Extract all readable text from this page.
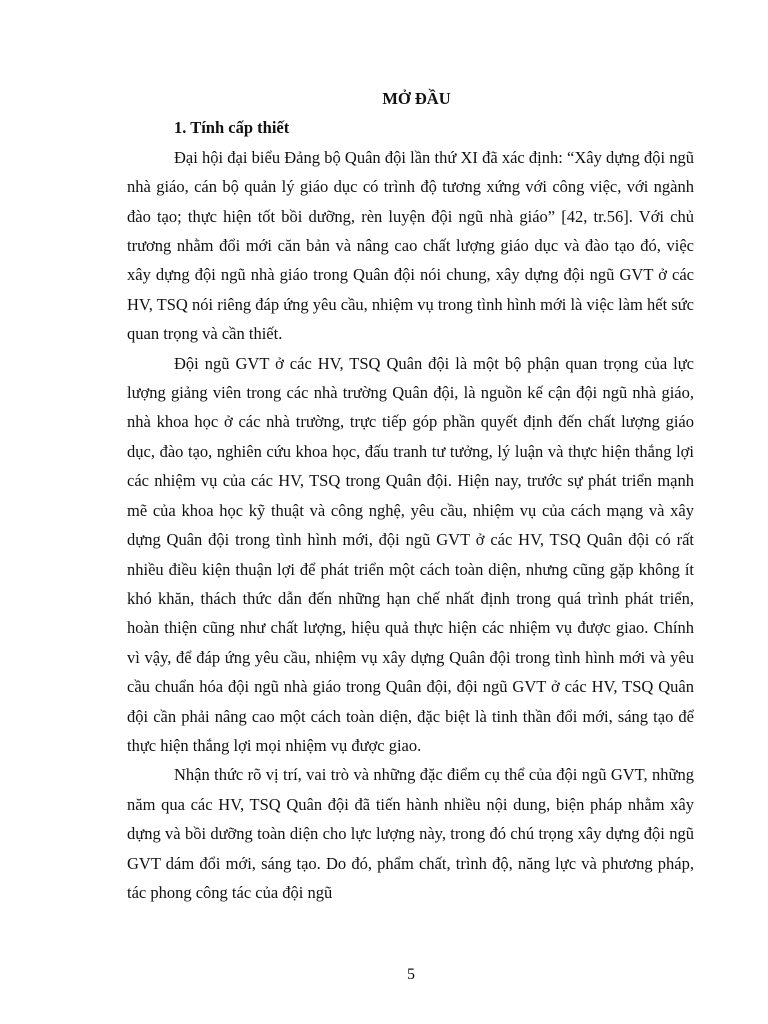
MỞ ĐẦU
1. Tính cấp thiết

Đại hội đại biểu Đảng bộ Quân đội lần thứ XI đã xác định: “Xây dựng đội ngũ nhà giáo, cán bộ quản lý giáo dục có trình độ tương xứng với công việc, với ngành đào tạo; thực hiện tốt bồi dưỡng, rèn luyện đội ngũ nhà giáo” [42, tr.56]. Với chủ trương nhằm đổi mới căn bản và nâng cao chất lượng giáo dục và đào tạo đó, việc xây dựng đội ngũ nhà giáo trong Quân đội nói chung, xây dựng đội ngũ GVT ở các HV, TSQ nói riêng đáp ứng yêu cầu, nhiệm vụ trong tình hình mới là việc làm hết sức quan trọng và cần thiết.

Đội ngũ GVT ở các HV, TSQ Quân đội là một bộ phận quan trọng của lực lượng giảng viên trong các nhà trường Quân đội, là nguồn kế cận đội ngũ nhà giáo, nhà khoa học ở các nhà trường, trực tiếp góp phần quyết định đến chất lượng giáo dục, đào tạo, nghiên cứu khoa học, đấu tranh tư tưởng, lý luận và thực hiện thắng lợi các nhiệm vụ của các HV, TSQ trong Quân đội. Hiện nay, trước sự phát triển mạnh mẽ của khoa học kỹ thuật và công nghệ, yêu cầu, nhiệm vụ của cách mạng và xây dựng Quân đội trong tình hình mới, đội ngũ GVT ở các HV, TSQ Quân đội có rất nhiều điều kiện thuận lợi để phát triển một cách toàn diện, nhưng cũng gặp không ít khó khăn, thách thức dẫn đến những hạn chế nhất định trong quá trình phát triển, hoàn thiện cũng như chất lượng, hiệu quả thực hiện các nhiệm vụ được giao. Chính vì vậy, để đáp ứng yêu cầu, nhiệm vụ xây dựng Quân đội trong tình hình mới và yêu cầu chuẩn hóa đội ngũ nhà giáo trong Quân đội, đội ngũ GVT ở các HV, TSQ Quân đội cần phải nâng cao một cách toàn diện, đặc biệt là tinh thần đổi mới, sáng tạo để thực hiện thắng lợi mọi nhiệm vụ được giao.

Nhận thức rõ vị trí, vai trò và những đặc điểm cụ thể của đội ngũ GVT, những năm qua các HV, TSQ Quân đội đã tiến hành nhiều nội dung, biện pháp nhằm xây dựng và bồi dưỡng toàn diện cho lực lượng này, trong đó chú trọng xây dựng đội ngũ GVT dám đổi mới, sáng tạo. Do đó, phẩm chất, trình độ, năng lực và phương pháp, tác phong công tác của đội ngũ

5
